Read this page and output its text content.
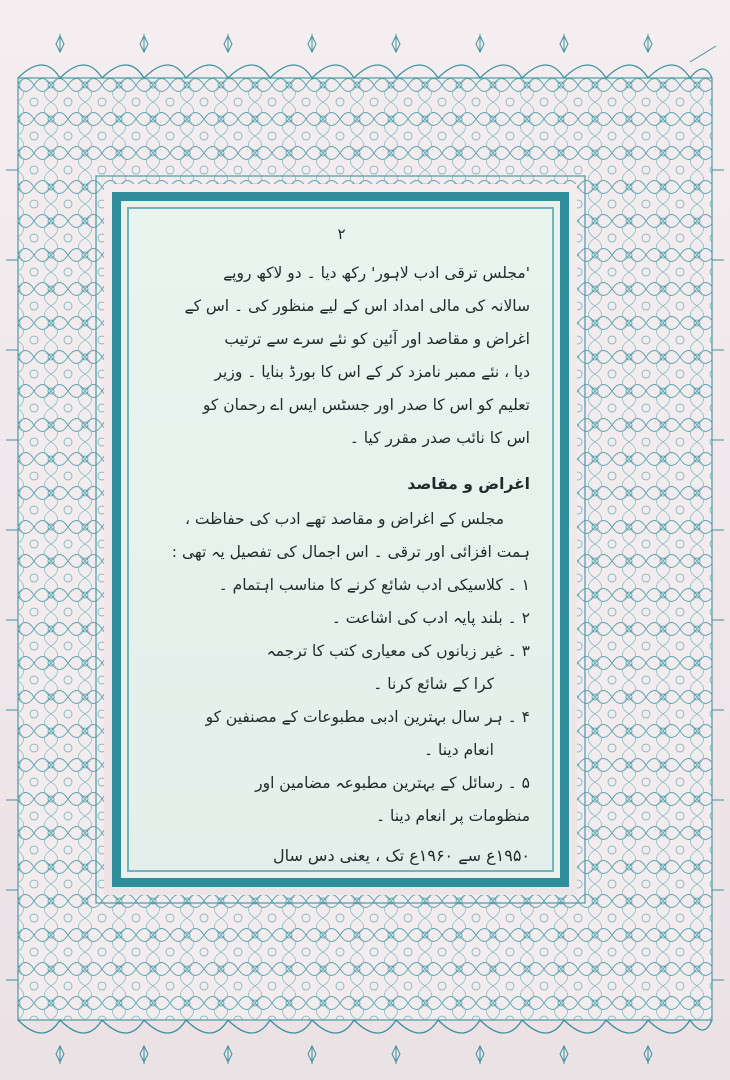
۲
'مجلس ترقی ادب لاہور' رکھ دیا ۔ دو لاکھ روپے
سالانہ کی مالی امداد اس کے لیے منظور کی ۔ اس کے
اغراض و مقاصد اور آئین کو نئے سرے سے ترتیب
دیا ، نئے ممبر نامزد کر کے اس کا بورڈ بنایا ۔ وزیر
تعلیم کو اس کا صدر اور جسٹس ایس اے رحمان کو
اس کا نائب صدر مقرر کیا ۔
اغراض و مقاصد
مجلس کے اغراض و مقاصد تھے ادب کی حفاظت ،
ہمت افزائی اور ترقی ۔ اس اجمال کی تفصیل یہ تھی :
۱ ۔ کلاسیکی ادب شائع کرنے کا مناسب اہتمام ۔
۲ ۔ بلند پایہ ادب کی اشاعت ۔
۳ ۔ غیر زبانوں کی معیاری کتب کا ترجمہ
کرا کے شائع کرنا ۔
۴ ۔ ہر سال بہترین ادبی مطبوعات کے مصنفین کو
انعام دینا ۔
۵ ۔ رسائل کے بہترین مطبوعہ مضامین اور
منظومات پر انعام دینا ۔
۱۹۵۰ع سے ۱۹۶۰ع تک ، یعنی دس سال
